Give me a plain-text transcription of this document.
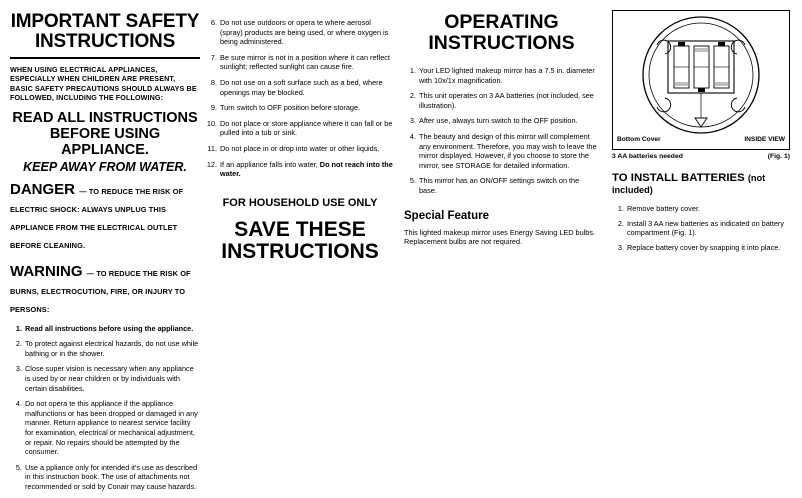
IMPORTANT SAFETY
INSTRUCTIONS
WHEN USING ELECTRICAL APPLIANCES, ESPECIALLY WHEN CHILDREN ARE PRESENT, BASIC SAFETY PRECAUTIONS SHOULD ALWAYS BE FOLLOWED, INCLUDING THE FOLLOWING:
READ ALL INSTRUCTIONS
BEFORE USING APPLIANCE.
KEEP AWAY FROM WATER.
DANGER — TO REDUCE THE RISK OF ELECTRIC SHOCK: ALWAYS UNPLUG THIS APPLIANCE FROM THE ELECTRICAL OUTLET BEFORE CLEANING.
WARNING — TO REDUCE THE RISK OF BURNS, ELECTROCUTION, FIRE, OR INJURY TO PERSONS:
1. Read all instructions before using the appliance.
2. To protect against electrical hazards, do not use while bathing or in the shower.
3. Close super vision is necessary when any appliance is used by or near children or by individuals with certain disabilities.
4. Do not opera te this appliance if the appliance malfunctions or has been dropped or damaged in any manner. Return appliance to nearest service facility for examination, electrical or mechanical adjustment, or repair. No repairs should be attempted by the consumer.
5. Use a ppliance only for intended it's use as described in this instruction book. The use of attachments not recommended or sold by Conair may cause hazards.
6. Do not use outdoors or opera te where aerosol (spray) products are being used, or where oxygen is being administered.
7. Be sure mirror is not in a position where it can reflect sunlight; reflected sunlight can cause fire.
8. Do not use on a soft surface such as a bed, where openings may be blocked.
9. Turn switch to OFF position before storage.
10. Do not place or store appliance where it can fall or be pulled into a tub or sink.
11. Do not place in or drop into water or other liquids.
12. If an appliance falls into water, Do not reach into the water.
FOR HOUSEHOLD USE ONLY
SAVE THESE
INSTRUCTIONS
OPERATING
INSTRUCTIONS
1. Your LED lighted makeup mirror has a 7.5 in. diameter with 10x/1x magnification.
2. This unit operates on 3 AA batteries (not included, see illustration).
3. After use, always turn switch to the OFF position.
4. The beauty and design of this mirror will complement any environment. Therefore, you may wish to leave the mirror displayed. However, if you choose to store the mirror, see STORAGE for detailed information.
5. This mirror has an ON/OFF settings switch on the base.
Special Feature
This lighted makeup mirror uses Energy Saving LED bulbs. Replacement bulbs are not required.
Bottom Cover	INSIDE VIEW
3 AA batteries needed	(Fig. 1)
TO INSTALL BATTERIES (not included)
1. Remove battery cover.
2. Install 3 AA new batteries as indicated on battery compartment (Fig. 1).
3. Replace battery cover by snapping it into place.
